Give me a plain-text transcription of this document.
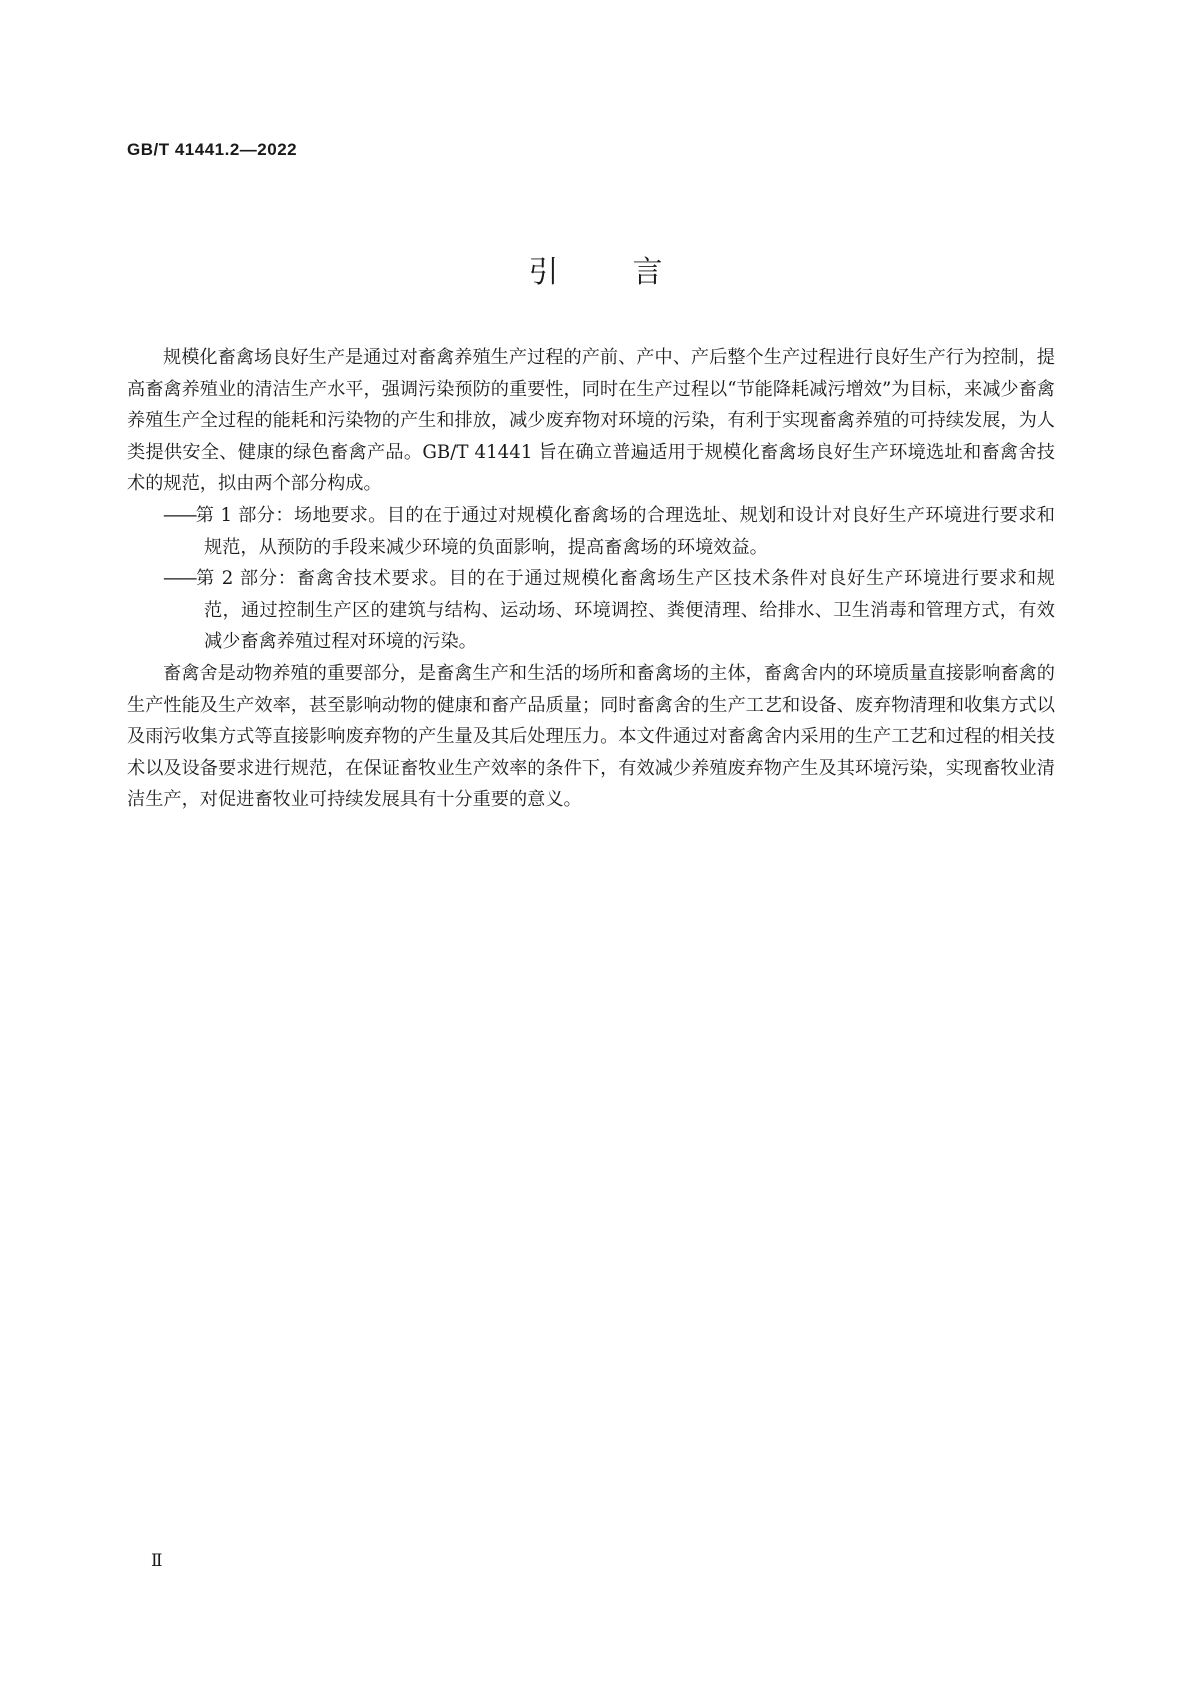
GB/T 41441.2—2022
引 言

规模化畜禽场良好生产是通过对畜禽养殖生产过程的产前、产中、产后整个生产过程进行良好生产行为控制，提高畜禽养殖业的清洁生产水平，强调污染预防的重要性，同时在生产过程以“节能降耗减污增效”为目标，来减少畜禽养殖生产全过程的能耗和污染物的产生和排放，减少废弃物对环境的污染，有利于实现畜禽养殖的可持续发展，为人类提供安全、健康的绿色畜禽产品。GB/T 41441 旨在确立普遍适用于规模化畜禽场良好生产环境选址和畜禽舍技术的规范，拟由两个部分构成。

——第 1 部分：场地要求。目的在于通过对规模化畜禽场的合理选址、规划和设计对良好生产环境进行要求和规范，从预防的手段来减少环境的负面影响，提高畜禽场的环境效益。

——第 2 部分：畜禽舍技术要求。目的在于通过规模化畜禽场生产区技术条件对良好生产环境进行要求和规范，通过控制生产区的建筑与结构、运动场、环境调控、粪便清理、给排水、卫生消毒和管理方式，有效减少畜禽养殖过程对环境的污染。

畜禽舍是动物养殖的重要部分，是畜禽生产和生活的场所和畜禽场的主体，畜禽舍内的环境质量直接影响畜禽的生产性能及生产效率，甚至影响动物的健康和畜产品质量；同时畜禽舍的生产工艺和设备、废弃物清理和收集方式以及雨污收集方式等直接影响废弃物的产生量及其后处理压力。本文件通过对畜禽舍内采用的生产工艺和过程的相关技术以及设备要求进行规范，在保证畜牧业生产效率的条件下，有效减少养殖废弃物产生及其环境污染，实现畜牧业清洁生产，对促进畜牧业可持续发展具有十分重要的意义。

Ⅱ
